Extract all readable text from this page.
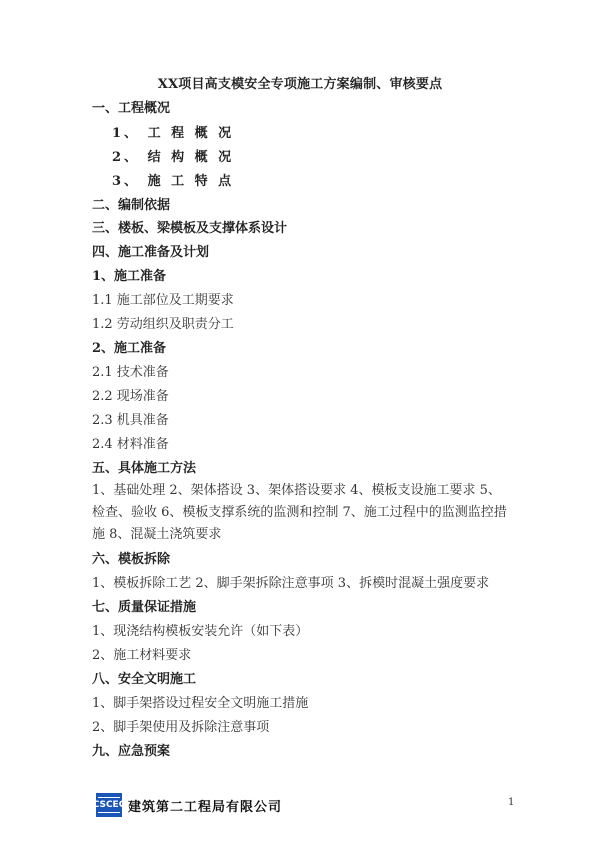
XX项目高支模安全专项施工方案编制、审核要点
一、工程概况
1、 工 程 概 况
2、 结 构 概 况
3、 施 工 特 点
二、编制依据
三、楼板、梁模板及支撑体系设计
四、施工准备及计划
1、施工准备
1.1 施工部位及工期要求
1.2 劳动组织及职责分工
2、施工准备
2.1 技术准备
2.2 现场准备
2.3 机具准备
2.4 材料准备
五、具体施工方法
1、基础处理 2、架体搭设 3、架体搭设要求 4、模板支设施工要求 5、检查、验收 6、模板支撑系统的监测和控制 7、施工过程中的监测监控措施 8、混凝土浇筑要求
六、模板拆除
1、模板拆除工艺 2、脚手架拆除注意事项 3、拆模时混凝土强度要求
七、质量保证措施
1、现浇结构模板安装允许（如下表）
2、施工材料要求
八、安全文明施工
1、脚手架搭设过程安全文明施工措施
2、脚手架使用及拆除注意事项
九、应急预案
CSCEC 建筑第二工程局有限公司	1
